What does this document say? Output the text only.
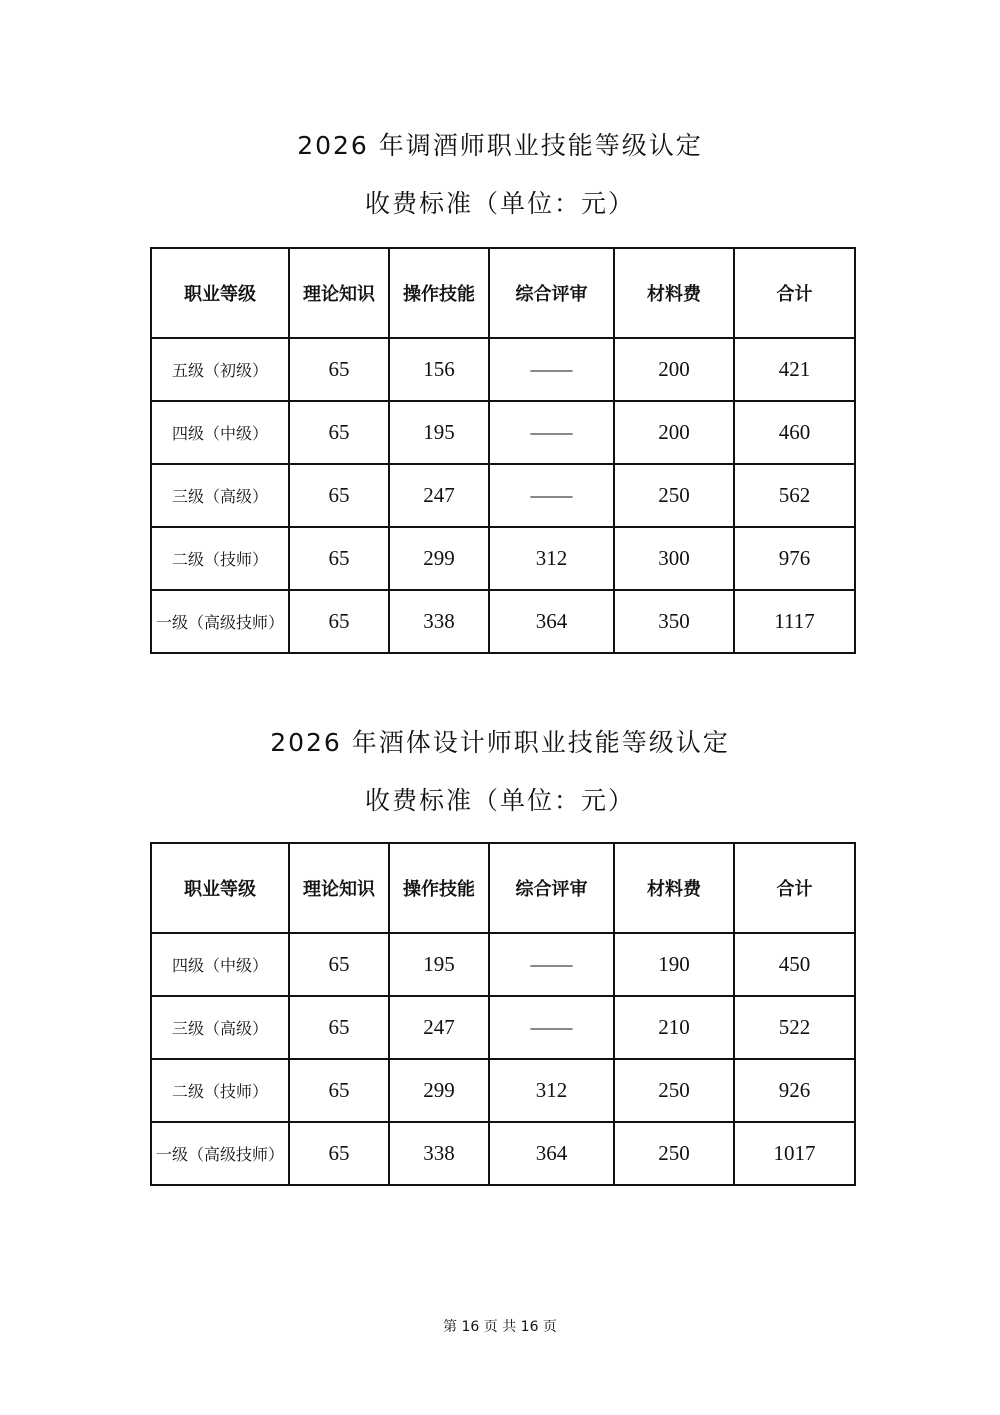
2026 年调酒师职业技能等级认定
收费标准（单位：元）
职业等级	理论知识	操作技能	综合评审	材料费	合计
五级（初级）	65	156	——	200	421
四级（中级）	65	195	——	200	460
三级（高级）	65	247	——	250	562
二级（技师）	65	299	312	300	976
一级（高级技师）	65	338	364	350	1117
2026 年酒体设计师职业技能等级认定
收费标准（单位：元）
职业等级	理论知识	操作技能	综合评审	材料费	合计
四级（中级）	65	195	——	190	450
三级（高级）	65	247	——	210	522
二级（技师）	65	299	312	250	926
一级（高级技师）	65	338	364	250	1017
第 16 页 共 16 页
